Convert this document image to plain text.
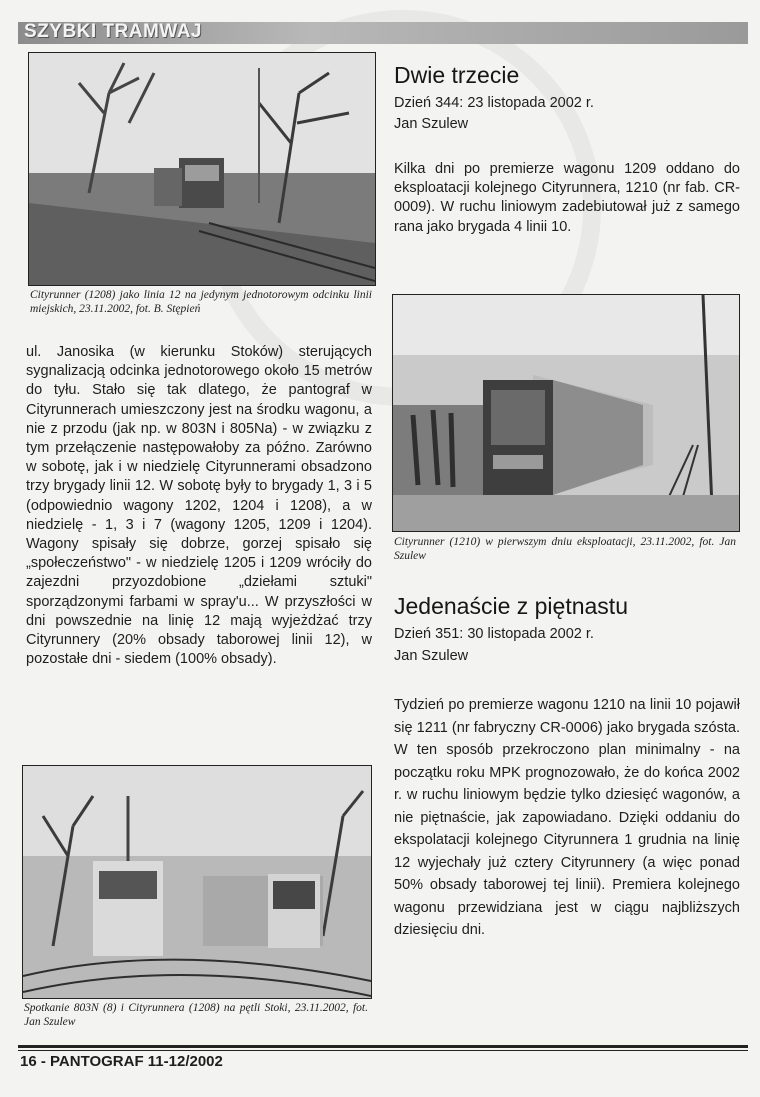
SZYBKI TRAMWAJ
Cityrunner (1208) jako linia 12 na jedynym jednotorowym odcinku linii miejskich, 23.11.2002, fot. B. Stępień
ul. Janosika (w kierunku Stoków) sterujących sygnalizacją odcinka jednotorowego około 15 metrów do tyłu. Stało się tak dlatego, że pantograf w Cityrunnerach umieszczony jest na środku wagonu, a nie z przodu (jak np. w 803N i 805Na) - w związku z tym przełączenie następowałoby za późno. Zarówno w sobotę, jak i w niedzielę Cityrunnerami obsadzono trzy brygady linii 12. W sobotę były to brygady 1, 3 i 5 (odpowiednio wagony 1202, 1204 i 1208), a w niedzielę - 1, 3 i 7 (wagony 1205, 1209 i 1204). Wagony spisały się dobrze, gorzej spisało się „społeczeństwo" - w niedzielę 1205 i 1209 wróciły do zajezdni przyozdobione „dziełami sztuki" sporządzonymi farbami w spray'u... W przyszłości w dni powszednie na linię 12 mają wyjeżdżać trzy Cityrunnery (20% obsady taborowej linii 12), w pozostałe dni - siedem (100% obsady).
Dwie trzecie
Dzień 344: 23 listopada 2002 r.
Jan Szulew
Kilka dni po premierze wagonu 1209 oddano do eksploatacji kolejnego Cityrunnera, 1210 (nr fab. CR-0009). W ruchu liniowym zadebiutował już z samego rana jako brygada 4 linii 10.
Cityrunner (1210) w pierwszym dniu eksploatacji, 23.11.2002, fot. Jan Szulew
Jedenaście z piętnastu
Dzień 351: 30 listopada 2002 r.
Jan Szulew
Tydzień po premierze wagonu 1210 na linii 10 pojawił się 1211 (nr fabryczny CR-0006) jako brygada szósta. W ten sposób przekroczono plan minimalny - na początku roku MPK prognozowało, że do końca 2002 r. w ruchu liniowym będzie tylko dziesięć wagonów, a nie piętnaście, jak zapowiadano. Dzięki oddaniu do ekspolatacji kolejnego Cityrunnera 1 grudnia na linię 12 wyjechały już cztery Cityrunnery (a więc ponad 50% obsady taborowej tej linii). Premiera kolejnego wagonu przewidziana jest w ciągu najbliższych dziesięciu dni.
Spotkanie 803N (8) i Cityrunnera (1208) na pętli Stoki, 23.11.2002, fot. Jan Szulew
16 - PANTOGRAF 11-12/2002
